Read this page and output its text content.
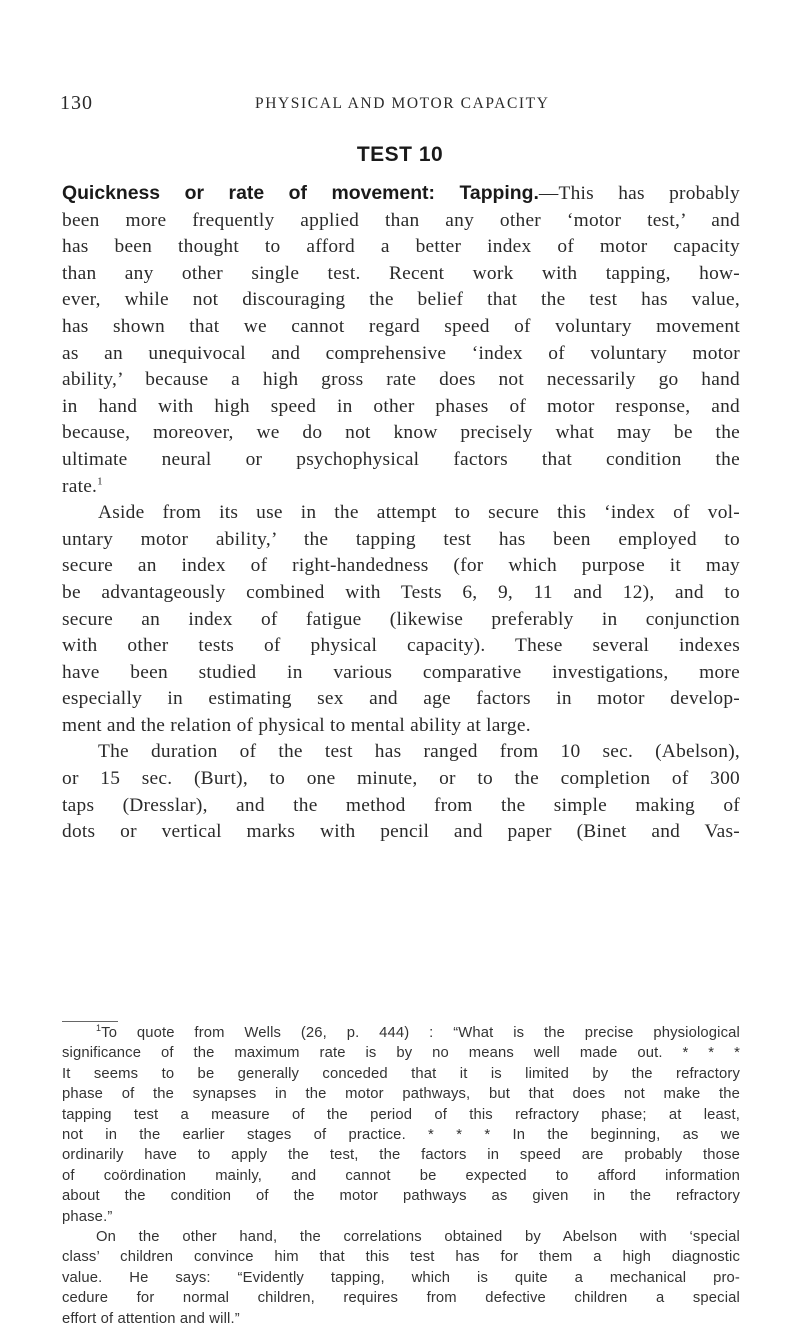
130	PHYSICAL AND MOTOR CAPACITY
TEST 10
Quickness or rate of movement: Tapping.—This has probably
been more frequently applied than any other ‘motor test,’ and
has been thought to afford a better index of motor capacity
than any other single test. Recent work with tapping, how-
ever, while not discouraging the belief that the test has value,
has shown that we cannot regard speed of voluntary movement
as an unequivocal and comprehensive ‘index of voluntary motor
ability,’ because a high gross rate does not necessarily go hand
in hand with high speed in other phases of motor response, and
because, moreover, we do not know precisely what may be the
ultimate neural or psychophysical factors that condition the
rate.$^1$
Aside from its use in the attempt to secure this ‘index of vol-
untary motor ability,’ the tapping test has been employed to
secure an index of right-handedness (for which purpose it may
be advantageously combined with Tests 6, 9, 11 and 12), and to
secure an index of fatigue (likewise preferably in conjunction
with other tests of physical capacity). These several indexes
have been studied in various comparative investigations, more
especially in estimating sex and age factors in motor develop-
ment and the relation of physical to mental ability at large.
The duration of the test has ranged from 10 sec. (Abelson),
or 15 sec. (Burt), to one minute, or to the completion of 300
taps (Dresslar), and the method from the simple making of
dots or vertical marks with pencil and paper (Binet and Vas-
$^1$To quote from Wells (26, p. 444) : “What is the precise physiological
significance of the maximum rate is by no means well made out. * * *
It seems to be generally conceded that it is limited by the refractory
phase of the synapses in the motor pathways, but that does not make the
tapping test a measure of the period of this refractory phase; at least,
not in the earlier stages of practice. * * * In the beginning, as we
ordinarily have to apply the test, the factors in speed are probably those
of coördination mainly, and cannot be expected to afford information
about the condition of the motor pathways as given in the refractory
phase.”
On the other hand, the correlations obtained by Abelson with ‘special
class’ children convince him that this test has for them a high diagnostic
value. He says: “Evidently tapping, which is quite a mechanical pro-
cedure for normal children, requires from defective children a special
effort of attention and will.”
